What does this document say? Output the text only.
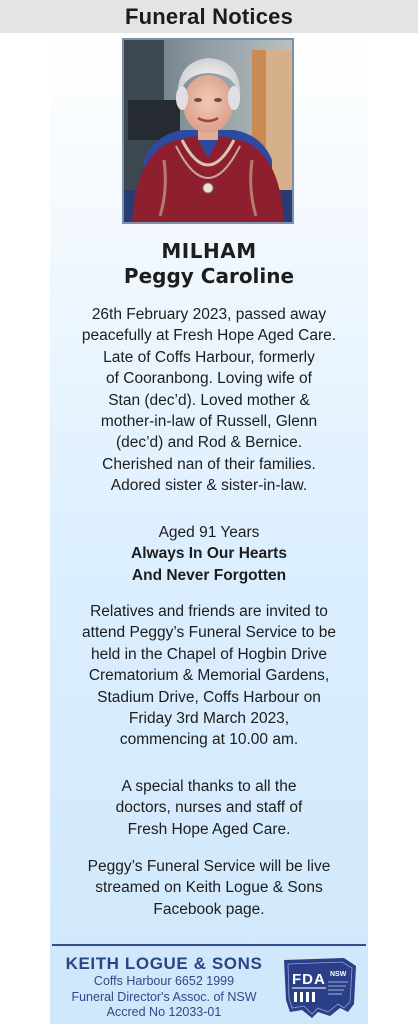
Funeral Notices
MILHAM
Peggy Caroline
26th February 2023, passed away
peacefully at Fresh Hope Aged Care.
Late of Coffs Harbour, formerly
of Cooranbong. Loving wife of
Stan (dec’d). Loved mother &
mother-in-law of Russell, Glenn
(dec’d) and Rod & Bernice.
Cherished nan of their families.
Adored sister & sister-in-law.
Aged 91 Years
Always In Our Hearts
And Never Forgotten
Relatives and friends are invited to
attend Peggy’s Funeral Service to be
held in the Chapel of Hogbin Drive
Crematorium & Memorial Gardens,
Stadium Drive, Coffs Harbour on
Friday 3rd March 2023,
commencing at 10.00 am.
A special thanks to all the
doctors, nurses and staff of
Fresh Hope Aged Care.
Peggy’s Funeral Service will be live
streamed on Keith Logue & Sons
Facebook page.
KEITH LOGUE & SONS
Coffs Harbour 6652 1999
Funeral Director's Assoc. of NSW
Accred No 12033-01
FDA NSW
